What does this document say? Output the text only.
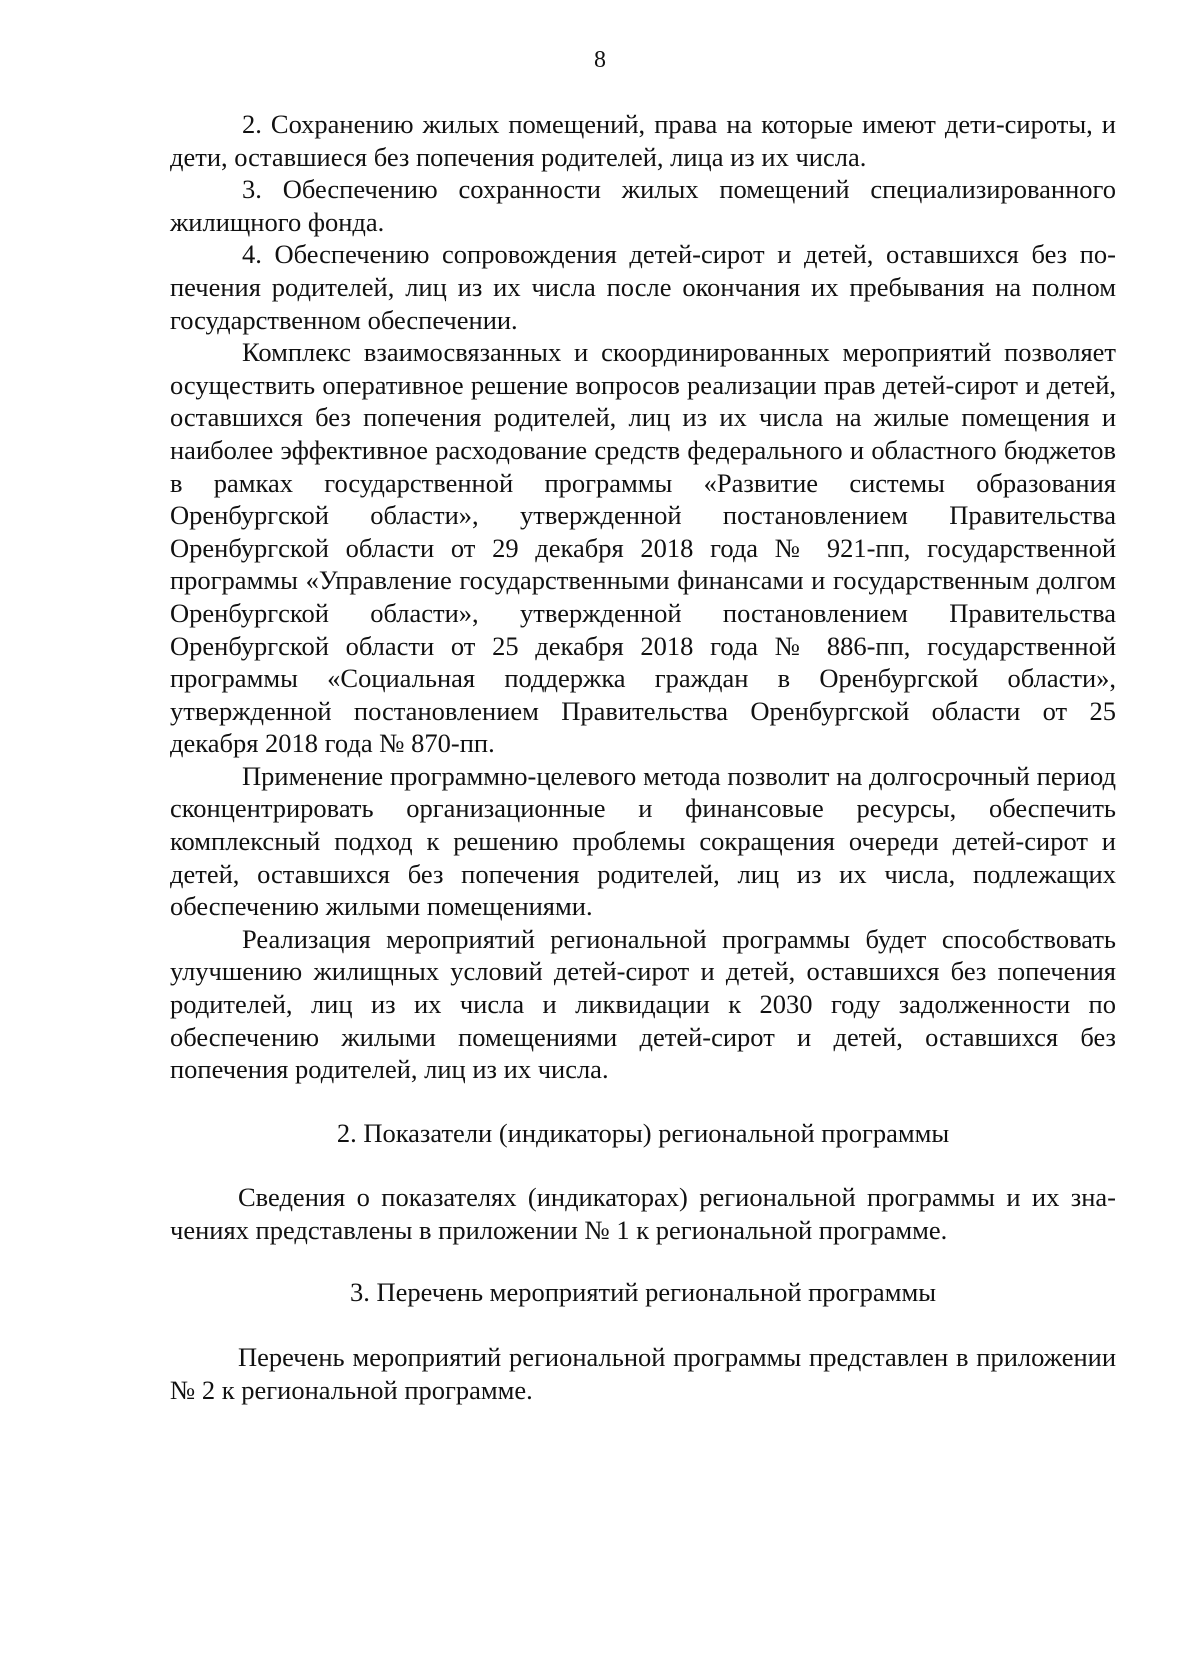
8

2. Сохранению жилых помещений, права на которые имеют дети-сироты, и дети, оставшиеся без попечения родителей, лица из их числа.

3. Обеспечению сохранности жилых помещений специализированного жилищного фонда.

4. Обеспечению сопровождения детей-сирот и детей, оставшихся без попечения родителей, лиц из их числа после окончания их пребывания на полном государственном обеспечении.

Комплекс взаимосвязанных и скоординированных мероприятий позволяет осуществить оперативное решение вопросов реализации прав детей-сирот и детей, оставшихся без попечения родителей, лиц из их числа на жилые помещения и наиболее эффективное расходование средств федерального и областного бюджетов в рамках государственной программы «Развитие системы образования Оренбургской области», утвержденной постановлением Правительства Оренбургской области от 29 декабря 2018 года № 921-пп, государственной программы «Управление государственными финансами и государственным долгом Оренбургской области», утвержденной постановлением Правительства Оренбургской области от 25 декабря 2018 года № 886-пп, государственной программы «Социальная поддержка граждан в Оренбургской области», утвержденной постановлением Правительства Оренбургской области от 25 декабря 2018 года № 870-пп.

Применение программно-целевого метода позволит на долгосрочный период сконцентрировать организационные и финансовые ресурсы, обеспечить комплексный подход к решению проблемы сокращения очереди детей-сирот и детей, оставшихся без попечения родителей, лиц из их числа, подлежащих обеспечению жилыми помещениями.

Реализация мероприятий региональной программы будет способствовать улучшению жилищных условий детей-сирот и детей, оставшихся без попечения родителей, лиц из их числа и ликвидации к 2030 году задолженности по обеспечению жилыми помещениями детей-сирот и детей, оставшихся без попечения родителей, лиц из их числа.

2. Показатели (индикаторы) региональной программы

Сведения о показателях (индикаторах) региональной программы и их значениях представлены в приложении № 1 к региональной программе.

3. Перечень мероприятий региональной программы

Перечень мероприятий региональной программы представлен в приложении № 2 к региональной программе.
